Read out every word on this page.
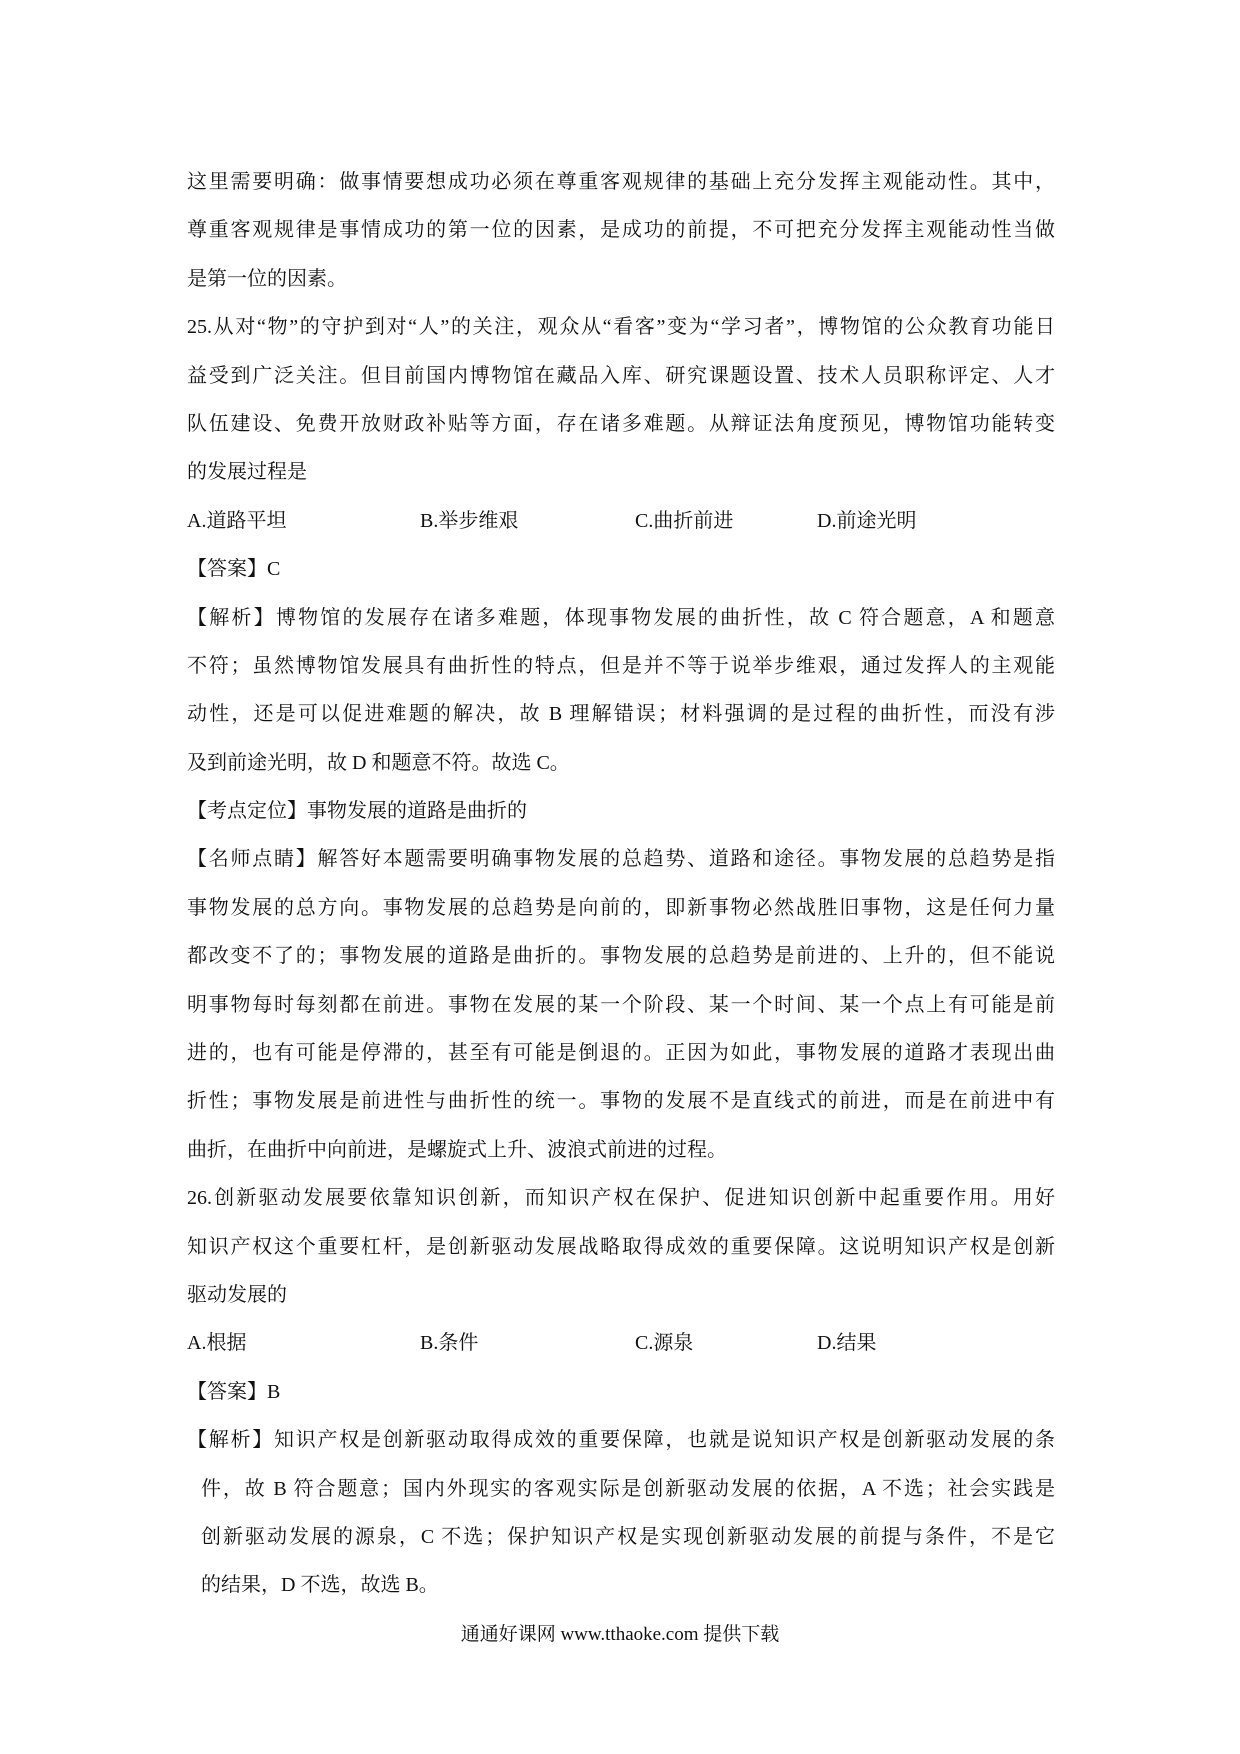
这里需要明确：做事情要想成功必须在尊重客观规律的基础上充分发挥主观能动性。其中，
尊重客观规律是事情成功的第一位的因素，是成功的前提，不可把充分发挥主观能动性当做
是第一位的因素。
25.从对“物”的守护到对“人”的关注，观众从“看客”变为“学习者”，博物馆的公众教育功能日
益受到广泛关注。但目前国内博物馆在藏品入库、研究课题设置、技术人员职称评定、人才
队伍建设、免费开放财政补贴等方面，存在诸多难题。从辩证法角度预见，博物馆功能转变
的发展过程是
A.道路平坦	B.举步维艰	C.曲折前进	D.前途光明
【答案】C
【解析】博物馆的发展存在诸多难题，体现事物发展的曲折性，故 C 符合题意，A 和题意
不符；虽然博物馆发展具有曲折性的特点，但是并不等于说举步维艰，通过发挥人的主观能
动性，还是可以促进难题的解决，故 B 理解错误；材料强调的是过程的曲折性，而没有涉
及到前途光明，故 D 和题意不符。故选 C。
【考点定位】事物发展的道路是曲折的
【名师点睛】解答好本题需要明确事物发展的总趋势、道路和途径。事物发展的总趋势是指
事物发展的总方向。事物发展的总趋势是向前的，即新事物必然战胜旧事物，这是任何力量
都改变不了的；事物发展的道路是曲折的。事物发展的总趋势是前进的、上升的，但不能说
明事物每时每刻都在前进。事物在发展的某一个阶段、某一个时间、某一个点上有可能是前
进的，也有可能是停滞的，甚至有可能是倒退的。正因为如此，事物发展的道路才表现出曲
折性；事物发展是前进性与曲折性的统一。事物的发展不是直线式的前进，而是在前进中有
曲折，在曲折中向前进，是螺旋式上升、波浪式前进的过程。
26.创新驱动发展要依靠知识创新，而知识产权在保护、促进知识创新中起重要作用。用好
知识产权这个重要杠杆，是创新驱动发展战略取得成效的重要保障。这说明知识产权是创新
驱动发展的
A.根据	B.条件	C.源泉	D.结果
【答案】B
【解析】知识产权是创新驱动取得成效的重要保障，也就是说知识产权是创新驱动发展的条
件，故 B 符合题意；国内外现实的客观实际是创新驱动发展的依据，A 不选；社会实践是
创新驱动发展的源泉，C 不选；保护知识产权是实现创新驱动发展的前提与条件，不是它
的结果，D 不选，故选 B。
通通好课网 www.tthaoke.com 提供下载
